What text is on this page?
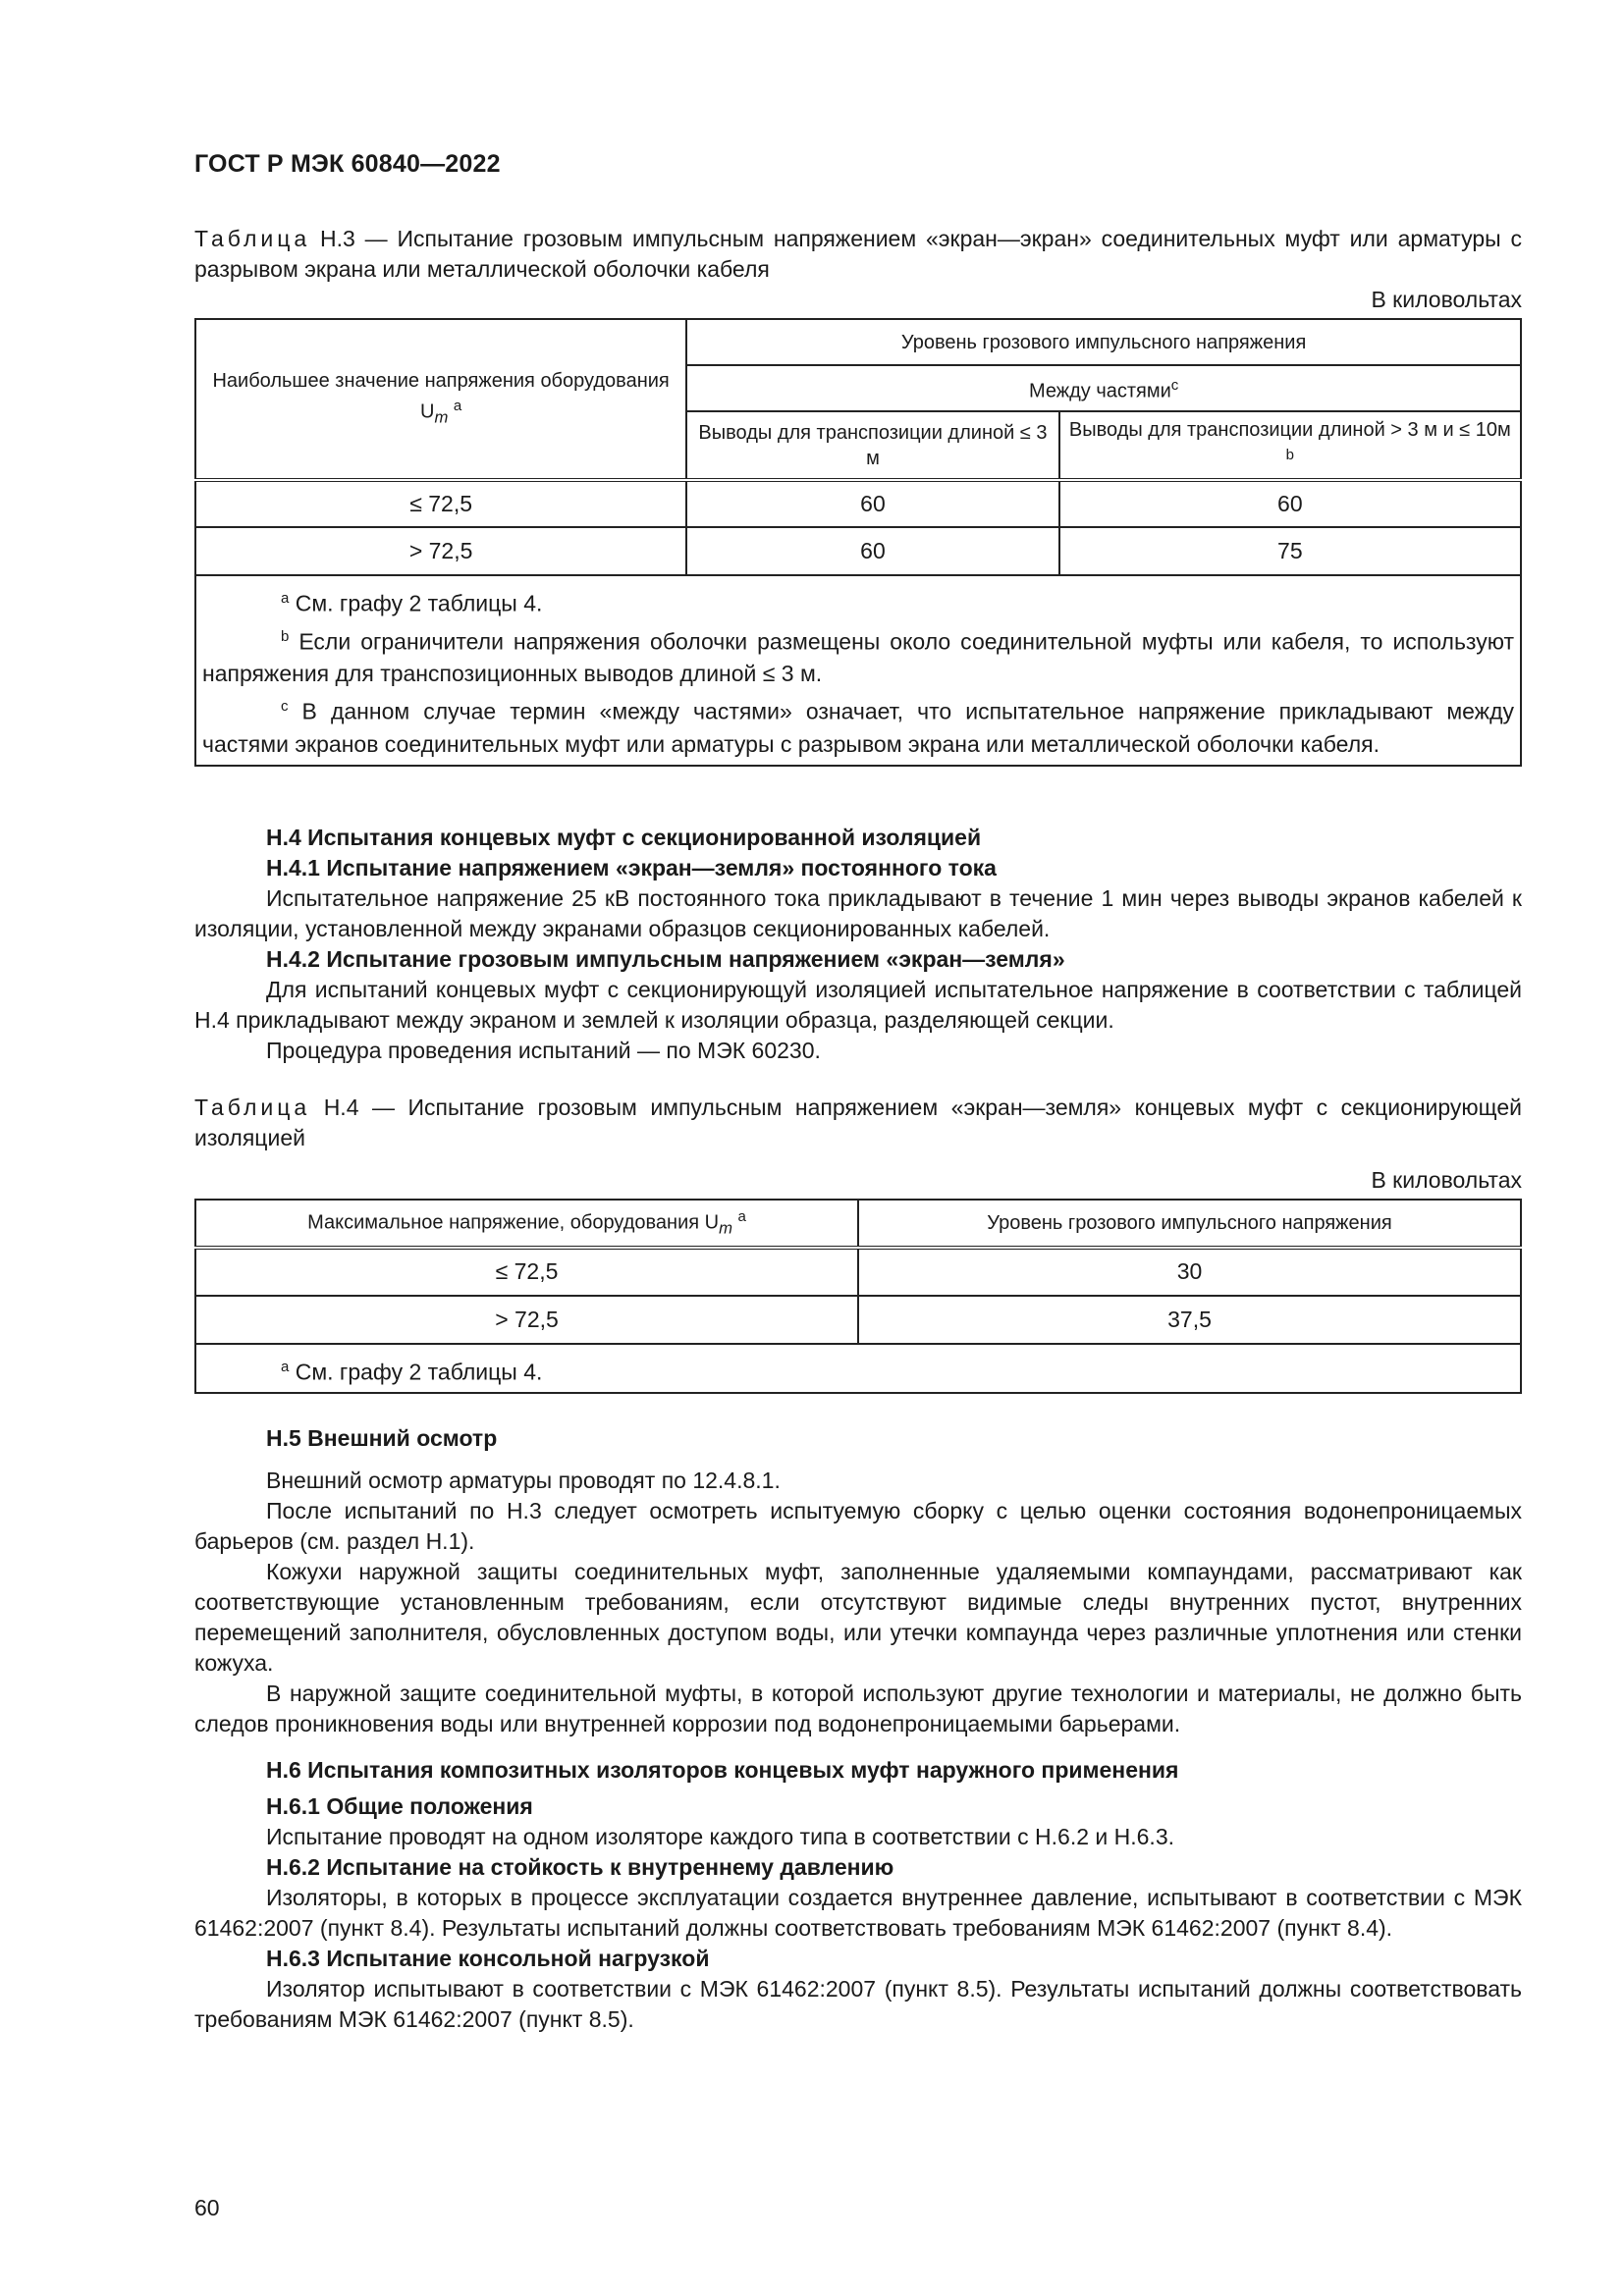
ГОСТ Р МЭК 60840—2022
Таблица Н.3 — Испытание грозовым импульсным напряжением «экран—экран» соединительных муфт или арматуры с разрывом экрана или металлической оболочки кабеля
В киловольтах
Наибольшее значение напряжения оборудования $U_m$ $^а$	Уровень грозового импульсного напряжения	
	Между частями$^c$
	Выводы для транспозиции длиной ≤ 3 м	Выводы для транспозиции длиной > 3 м и ≤ 10м $^b$
≤ 72,5	60	60
> 72,5	60	75

$^а$ См. графу 2 таблицы 4.

$^b$ Если ограничители напряжения оболочки размещены около соединительной муфты или кабеля, то используют напряжения для транспозиционных выводов длиной ≤ 3 м.

$^c$ В данном случае термин «между частями» означает, что испытательное напряжение прикладывают между частями экранов соединительных муфт или арматуры с разрывом экрана или металлической оболочки кабеля.		

H.4 Испытания концевых муфт с секционированной изоляцией
H.4.1 Испытание напряжением «экран—земля» постоянного тока

Испытательное напряжение 25 кВ постоянного тока прикладывают в течение 1 мин через выводы экранов кабелей к изоляции, установленной между экранами образцов секционированных кабелей.

H.4.2 Испытание грозовым импульсным напряжением «экран—земля»

Для испытаний концевых муфт с секционирующуй изоляцией испытательное напряжение в соответствии с таблицей Н.4 прикладывают между экраном и землей к изоляции образца, разделяющей секции.

Процедура проведения испытаний — по МЭК 60230.

Таблица Н.4 — Испытание грозовым импульсным напряжением «экран—земля» концевых муфт с секционирующей изоляцией
В киловольтах
Максимальное напряжение, оборудования $U_m$ $^а$	Уровень грозового импульсного напряжения
≤ 72,5	30
> 72,5	37,5

$^а$ См. графу 2 таблицы 4.	

H.5 Внешний осмотр

Внешний осмотр арматуры проводят по 12.4.8.1.

После испытаний по Н.3 следует осмотреть испытуемую сборку с целью оценки состояния водонепроницаемых барьеров (см. раздел Н.1).

Кожухи наружной защиты соединительных муфт, заполненные удаляемыми компаундами, рассматривают как соответствующие установленным требованиям, если отсутствуют видимые следы внутренних пустот, внутренних перемещений заполнителя, обусловленных доступом воды, или утечки компаунда через различные уплотнения или стенки кожуха.

В наружной защите соединительной муфты, в которой используют другие технологии и материалы, не должно быть следов проникновения воды или внутренней коррозии под водонепроницаемыми барьерами.

H.6 Испытания композитных изоляторов концевых муфт наружного применения
H.6.1 Общие положения

Испытание проводят на одном изоляторе каждого типа в соответствии с Н.6.2 и Н.6.3.

H.6.2 Испытание на стойкость к внутреннему давлению

Изоляторы, в которых в процессе эксплуатации создается внутреннее давление, испытывают в соответствии с МЭК 61462:2007 (пункт 8.4). Результаты испытаний должны соответствовать требованиям МЭК 61462:2007 (пункт 8.4).

H.6.3 Испытание консольной нагрузкой

Изолятор испытывают в соответствии с МЭК 61462:2007 (пункт 8.5). Результаты испытаний должны соответствовать требованиям МЭК 61462:2007 (пункт 8.5).

60
